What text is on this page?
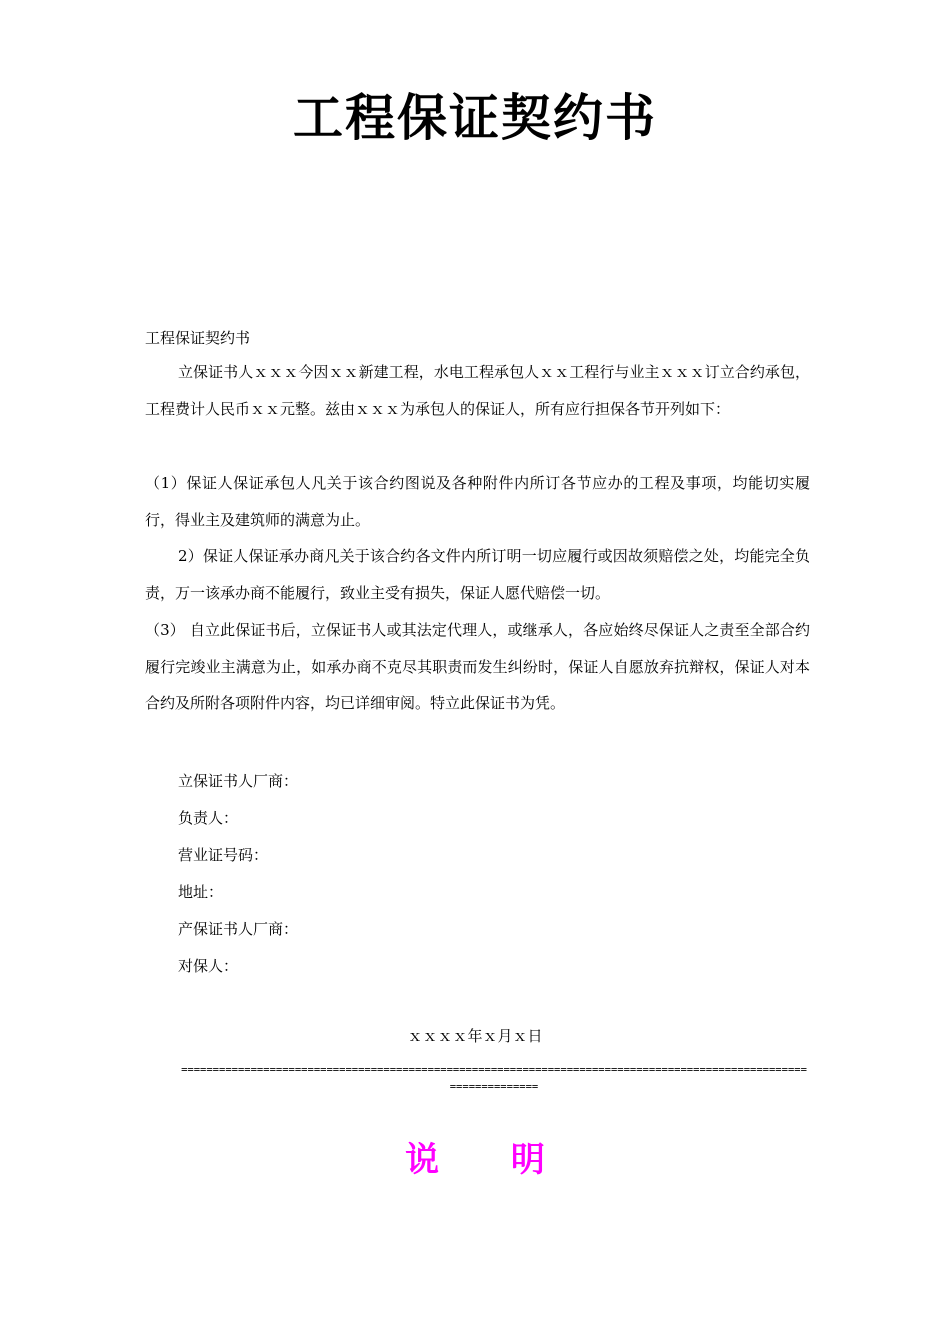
工程保证契约书
工程保证契约书

立保证书人ｘｘｘ今因ｘｘ新建工程，水电工程承包人ｘｘ工程行与业主ｘｘｘ订立合约承包，工程费计人民币ｘｘ元整。兹由ｘｘｘ为承包人的保证人，所有应行担保各节开列如下：

（1）保证人保证承包人凡关于该合约图说及各种附件内所订各节应办的工程及事项，均能切实履行，得业主及建筑师的满意为止。

2）保证人保证承办商凡关于该合约各文件内所订明一切应履行或因故须赔偿之处，均能完全负责，万一该承办商不能履行，致业主受有损失，保证人愿代赔偿一切。

（3） 自立此保证书后，立保证书人或其法定代理人，或继承人，各应始终尽保证人之责至全部合约履行完竣业主满意为止，如承办商不克尽其职责而发生纠纷时，保证人自愿放弃抗辩权，保证人对本合约及所附各项附件内容，均已详细审阅。特立此保证书为凭。

立保证书人厂商：
负责人：
营业证号码：
地址：
产保证书人厂商：
对保人：
ｘｘｘｘ年ｘ月ｘ日
=================================================================================================================
说 明
